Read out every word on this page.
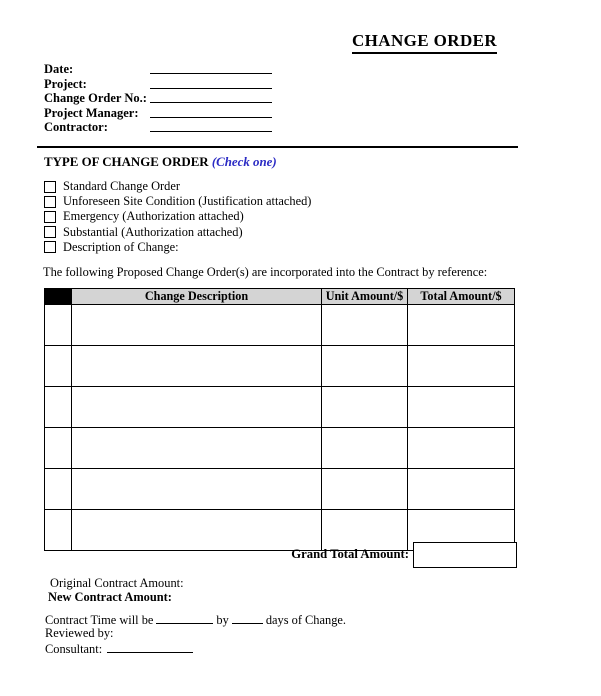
CHANGE ORDER
Date:
Project:
Change Order No.:
Project Manager:
Contractor:
TYPE OF CHANGE ORDER (Check one)
Standard Change Order
Unforeseen Site Condition (Justification attached)
Emergency (Authorization attached)
Substantial (Authorization attached)
Description of Change:
The following Proposed Change Order(s) are incorporated into the Contract by reference:
	Change Description	Unit Amount/$	Total Amount/$

Grand Total Amount:
Original Contract Amount:
New Contract Amount:
Contract Time will be	by	days of Change.
Reviewed by:
Consultant:
